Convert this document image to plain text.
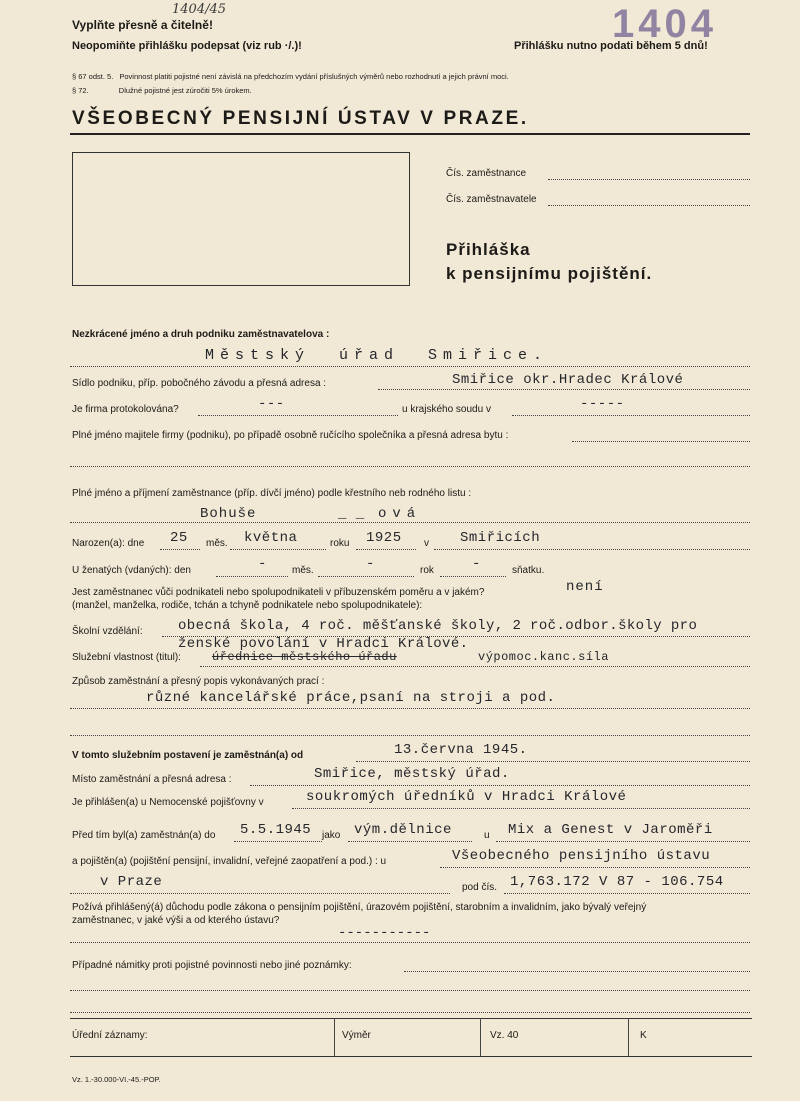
Vyplňte přesně a čitelně!
1404/45
Neopomiňte přihlášku podepsat (viz rub ·/.)!	Přihlášku nutno podati během 5 dnů!
1404
§ 67 odst. 5. Povinnost platiti pojistné není závislá na předchozím vydání příslušných výměrů nebo rozhodnutí a jejich právní moci.
§ 72.	Dlužné pojistné jest zúročiti 5% úrokem.
VŠEOBECNÝ PENSIJNÍ ÚSTAV V PRAZE.
Čís. zaměstnance
Čís. zaměstnavatele
Přihláška
k pensijnímu pojištění.
Nezkrácené jméno a druh podniku zaměstnavatelova :
Městský úřad Smiřice.
Sídlo podniku, příp. pobočného závodu a přesná adresa :	Smiřice okr.Hradec Králové
Je firma protokolována?	---	u krajského soudu v	-----
Plné jméno majitele firmy (podniku), po případě osobně ručícího společníka a přesná adresa bytu :
Plné jméno a příjmení zaměstnance (příp. dívčí jméno) podle křestního neb rodného listu :
Bohuše	_ _ ová
Narozen(a): dne 25 měs. května	roku 1925 v Smiřicích
U ženatých (vdaných): den	-	měs.	-	rok	-	sňatku.
Jest zaměstnanec vůči podnikateli nebo spolupodnikateli v příbuzenském poměru a v jakém?	není
(manžel, manželka, rodiče, tchán a tchyně podnikatele nebo spolupodnikatele):
Školní vzdělání:	obecná škola, 4 roč. měšťanské školy, 2 roč.odbor.školy pro
ženské povolání v Hradci Králové.
Služební vlastnost (titul):	úřednice městského úřadu	výpomoc.kanc.síla
Způsob zaměstnání a přesný popis vykonávaných prací :
různé kancelářské práce,psaní na stroji a pod.
V tomto služebním postavení je zaměstnán(a) od	13.června 1945.
Místo zaměstnání a přesná adresa :	Smiřice, městský úřad.
Je přihlášen(a) u Nemocenské pojišťovny v	soukromých úředníků v Hradci Králové
Před tím byl(a) zaměstnán(a) do 5.5.1945 jako vým.dělnice	u Mix a Genest v Jaroměři
a pojištěn(a) (pojištění pensijní, invalidní, veřejné zaopatření a pod.) : u	Všeobecného pensijního ústavu
v Praze	pod čís. 1,763.172 V 87 - 106.754
Požívá přihlášený(á) důchodu podle zákona o pensijním pojištění, úrazovém pojištění, starobním a invalidním, jako bývalý veřejný
zaměstnanec, v jaké výši a od kterého ústavu?
-----------
Případné námitky proti pojistné povinnosti nebo jiné poznámky:
Úřední záznamy:	Výměr	Vz. 40	K
Vz. 1.-30.000-VI.-45.-POP.
